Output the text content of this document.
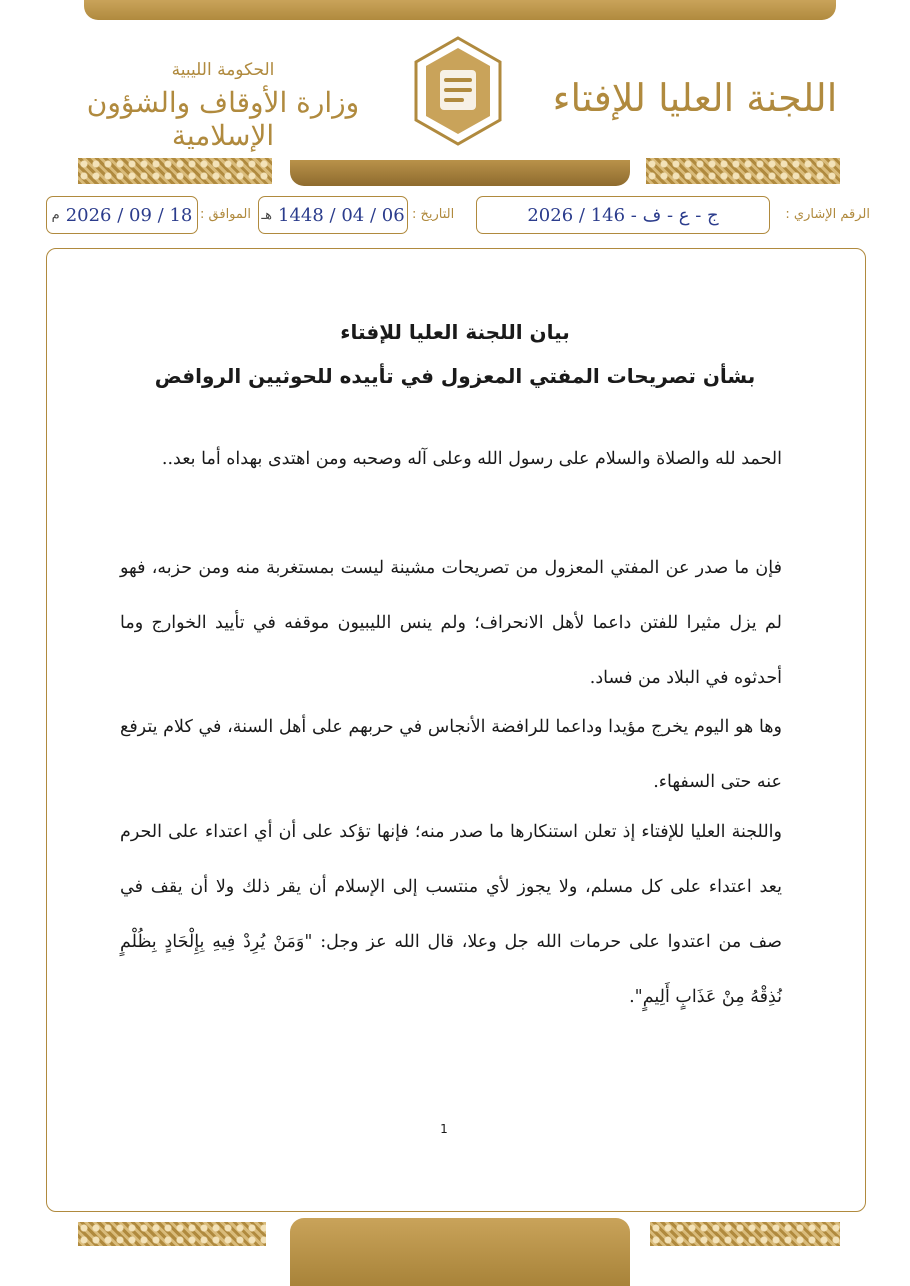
اللجنة العليا للإفتاء
الحكومة الليبية
وزارة الأوقاف والشؤون الإسلامية
الرقم الإشاري :
ج - ع - ف - 146 / 2026
التاريخ :
06 / 04 / 1448
هـ
الموافق :
18 / 09 / 2026
م
بيان اللجنة العليا للإفتاء
بشأن تصريحات المفتي المعزول في تأييده للحوثيين الروافض

الحمد لله والصلاة والسلام على رسول الله وعلى آله وصحبه ومن اهتدى بهداه أما بعد..

فإن ما صدر عن المفتي المعزول من تصريحات مشينة ليست بمستغربة منه ومن حزبه، فهو لم يزل مثيرا للفتن داعما لأهل الانحراف؛ ولم ينس الليبيون موقفه في تأييد الخوارج وما أحدثوه في البلاد من فساد.

وها هو اليوم يخرج مؤيدا وداعما للرافضة الأنجاس في حربهم على أهل السنة، في كلام يترفع عنه حتى السفهاء.

واللجنة العليا للإفتاء إذ تعلن استنكارها ما صدر منه؛ فإنها تؤكد على أن أي اعتداء على الحرم يعد اعتداء على كل مسلم، ولا يجوز لأي منتسب إلى الإسلام أن يقر ذلك ولا أن يقف في صف من اعتدوا على حرمات الله جل وعلا، قال الله عز وجل: "وَمَنْ يُرِدْ فِيهِ بِإِلْحَادٍ بِظُلْمٍ نُذِقْهُ مِنْ عَذَابٍ أَلِيمٍ".

1
